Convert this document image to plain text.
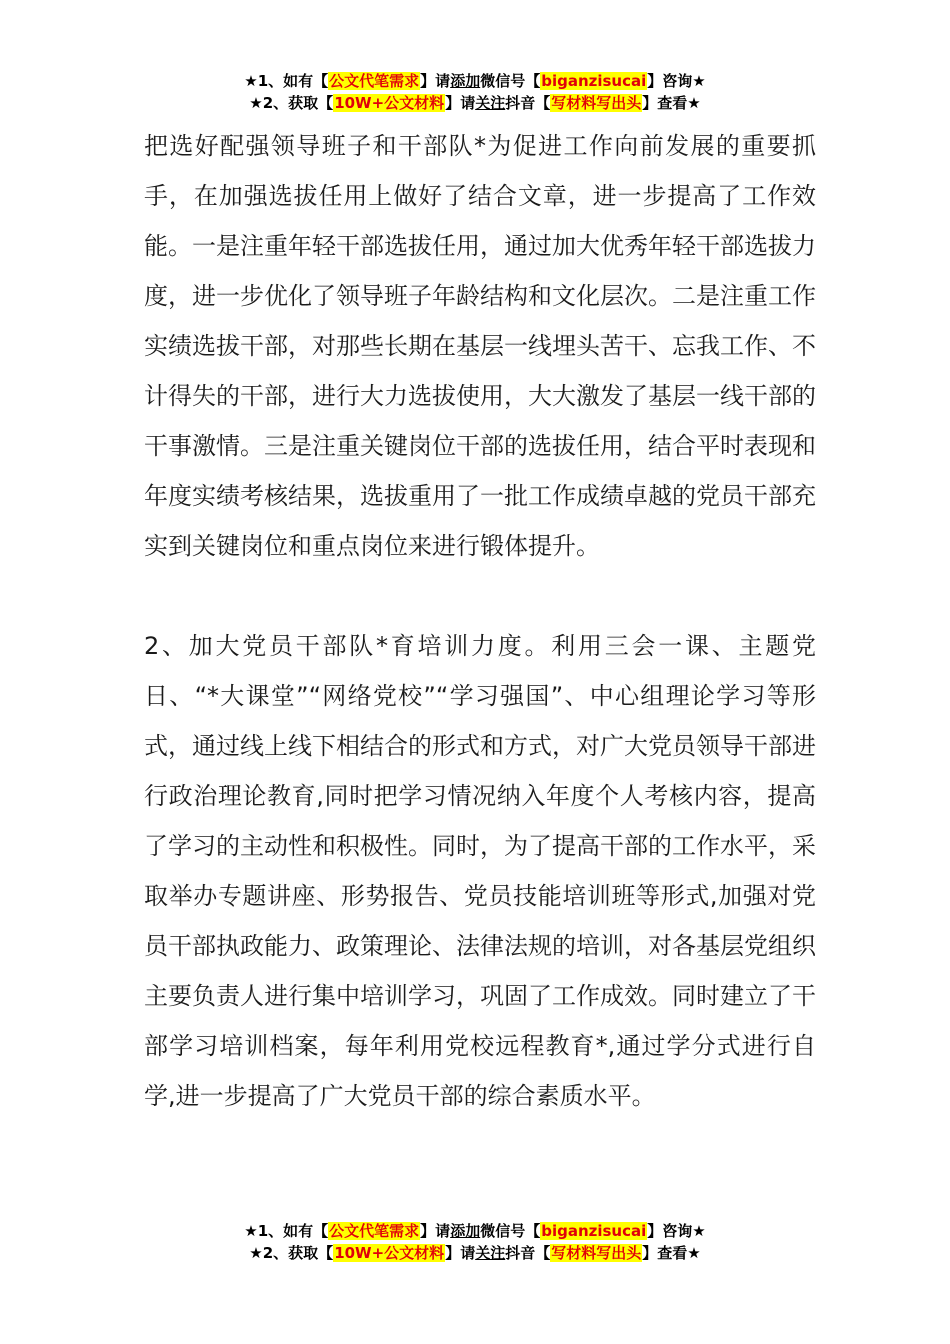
★1、如有【公文代笔需求】请添加微信号【biganzisucai】咨询★
★2、获取【10W+公文材料】请关注抖音【写材料写出头】查看★

把选好配强领导班子和干部队*为促进工作向前发展的重要抓手，在加强选拔任用上做好了结合文章，进一步提高了工作效能。一是注重年轻干部选拔任用，通过加大优秀年轻干部选拔力度，进一步优化了领导班子年龄结构和文化层次。二是注重工作实绩选拔干部，对那些长期在基层一线埋头苦干、忘我工作、不计得失的干部，进行大力选拔使用，大大激发了基层一线干部的干事激情。三是注重关键岗位干部的选拔任用，结合平时表现和年度实绩考核结果，选拔重用了一批工作成绩卓越的党员干部充实到关键岗位和重点岗位来进行锻体提升。

2、加大党员干部队*育培训力度。利用三会一课、主题党日、“*大课堂”“网络党校”“学习强国”、中心组理论学习等形式，通过线上线下相结合的形式和方式，对广大党员领导干部进行政治理论教育,同时把学习情况纳入年度个人考核内容，提高了学习的主动性和积极性。同时，为了提高干部的工作水平，采取举办专题讲座、形势报告、党员技能培训班等形式,加强对党员干部执政能力、政策理论、法律法规的培训，对各基层党组织主要负责人进行集中培训学习，巩固了工作成效。同时建立了干部学习培训档案，每年利用党校远程教育*,通过学分式进行自学,进一步提高了广大党员干部的综合素质水平。

★1、如有【公文代笔需求】请添加微信号【biganzisucai】咨询★
★2、获取【10W+公文材料】请关注抖音【写材料写出头】查看★
